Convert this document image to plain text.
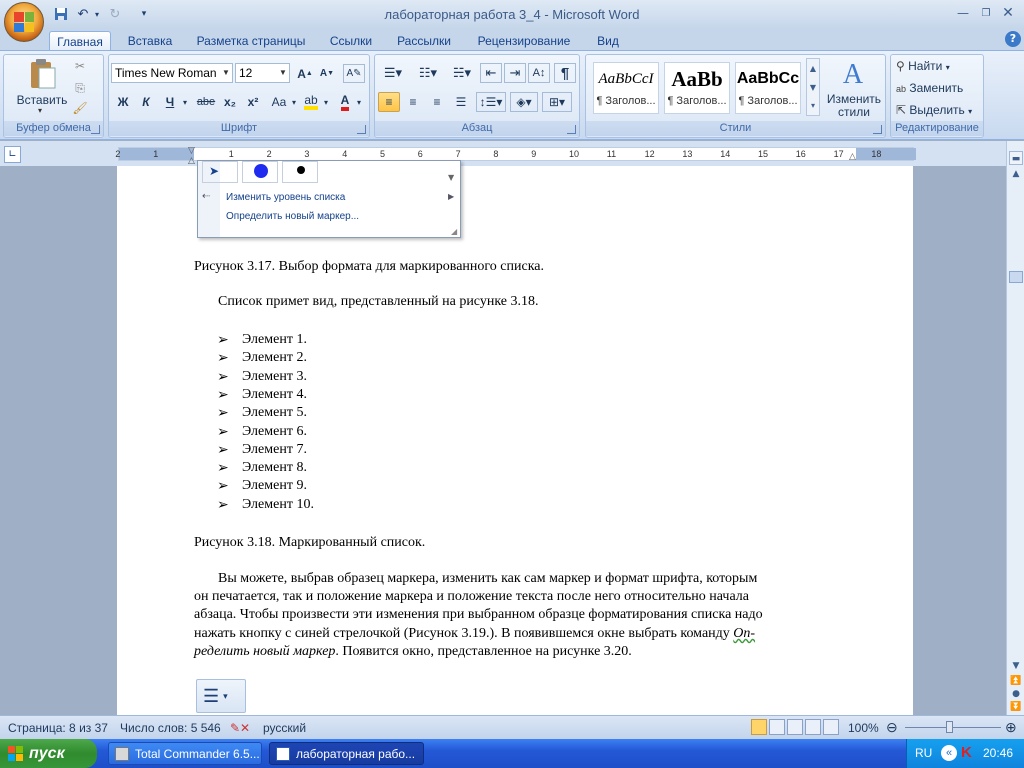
лабораторная работа 3_4 - Microsoft Word
↶ ▾ ↻	▾	—	❐ ✕
Главная	Вставка	Разметка страницы	Ссылки	Рассылки	Рецензирование	Вид	?
Буфер обмена
Вставить
▾
✂
⎘
🖌
Шрифт
Times New Roman ▼ 12	▼ A ▲ A ▼	A✎
Ж	К	Ч	▾ abe x₂ x²	Aa ▾ ab ▾ A ▾
Абзац
☰▾	☷▾	☵▾	⇤	⇥	A↕	¶
≡	≡	≡	☰	↕☰▾	◈▾	⊞▾
Стили
AaBbCcI
¶ Заголов...
AaBb
¶ Заголов...
AaBbCc
¶ Заголов...
▲
▼
▾
A
Изменить
стили
Редактирование
⚲ Найти ▾
ab Заменить
⇱ Выделить ▾
∟	2	1	1	2	3	4	5	6	7	8	9	10	11	12	13	14	15	16	17	18
▽
△	△
Рисунок 3.17. Выбор формата для маркированного списка.
Список примет вид, представленный на рисунке 3.18.
➢ Элемент 1.
➢ Элемент 2.
➢ Элемент 3.
➢ Элемент 4.
➢ Элемент 5.
➢ Элемент 6.
➢ Элемент 7.
➢ Элемент 8.
➢ Элемент 9.
➢ Элемент 10.
Рисунок 3.18. Маркированный список.
Вы можете, выбрав образец маркера, изменить как сам маркер и формат шрифта, которым
он печатается, так и положение маркера и положение текста после него относительно начала
абзаца. Чтобы произвести эти изменения при выбранном образце форматирования списка надо
нажать кнопку с синей стрелочкой (Рисунок 3.19.). В появившемся окне выбрать команду Оп-
ределить новый маркер. Появится окно, представленное на рисунке 3.20.
☰ ▾
➤	▼
⇠ Изменить уровень списка	▶
Определить новый маркер...
◢
▬
▲
▼
⏫
●
⏬
Страница: 8 из 37 Число слов: 5 546 ✎✕ русский	100% ⊖	⊕
пуск	Total Commander 6.5...	лабораторная рабо...	RU	« K 20:46
